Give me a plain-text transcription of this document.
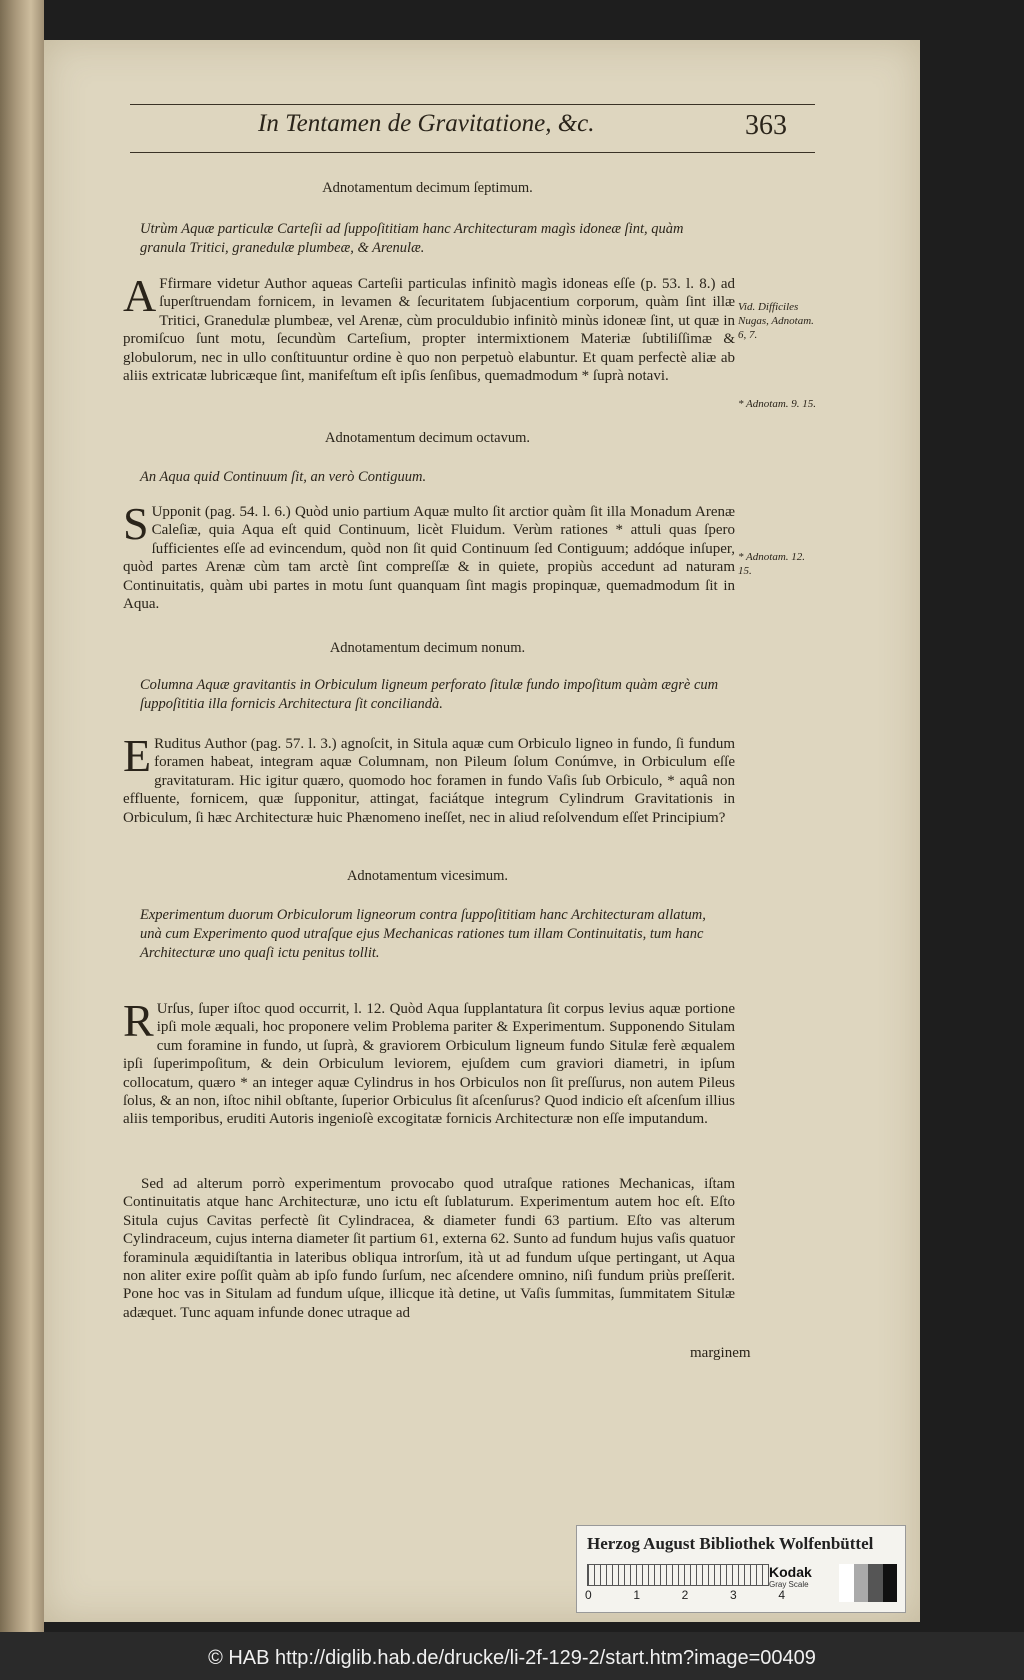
In Tentamen de Gravitatione, &c.	363
Adnotamentum decimum ſeptimum.
Utrùm Aquæ particulæ Carteſii ad ſuppoſititiam hanc Architecturam magìs idoneæ ſint, quàm granula Tritici, granedulæ plumbeæ, & Arenulæ.
A Ffirmare videtur Author aqueas Carteſii particulas infinitò magìs idoneas eſſe (p. 53. l. 8.) ad ſuperſtruendam fornicem, in levamen & ſecuritatem ſubjacentium corporum, quàm ſint illæ Tritici, Granedulæ plumbeæ, vel Arenæ, cùm proculdubio infinitò minùs idoneæ ſint, ut quæ in promiſcuo ſunt motu, ſecundùm Carteſium, propter intermixtionem Materiæ ſubtiliſſimæ & globulorum, nec in ullo conſtituuntur ordine è quo non perpetuò elabuntur. Et quam perfectè aliæ ab aliis extricatæ lubricæque ſint, manifeſtum eſt ipſis ſenſibus, quemadmodum * ſuprà notavi.
Vid. Difficiles Nugas, Adnotam. 6, 7.
* Adnotam. 9. 15.
Adnotamentum decimum octavum.
An Aqua quid Continuum ſit, an verò Contiguum.
S Upponit (pag. 54. l. 6.) Quòd unio partium Aquæ multo ſit arctior quàm ſit illa Monadum Arenæ Caleſiæ, quia Aqua eſt quid Continuum, licèt Fluidum. Verùm rationes * attuli quas ſpero ſufficientes eſſe ad evincendum, quòd non ſit quid Continuum ſed Contiguum; addóque inſuper, quòd partes Arenæ cùm tam arctè ſint compreſſæ & in quiete, propiùs accedunt ad naturam Continuitatis, quàm ubi partes in motu ſunt quanquam ſint magis propinquæ, quemadmodum ſit in Aqua.
* Adnotam. 12. 15.
Adnotamentum decimum nonum.
Columna Aquæ gravitantis in Orbiculum ligneum perforato ſitulæ fundo impoſitum quàm ægrè cum ſuppoſititia illa fornicis Architectura ſit conciliandà.
E Ruditus Author (pag. 57. l. 3.) agnoſcit, in Situla aquæ cum Orbiculo ligneo in fundo, ſi fundum foramen habeat, integram aquæ Columnam, non Pileum ſolum Conúmve, in Orbiculum eſſe gravitaturam. Hic igitur quæro, quomodo hoc foramen in fundo Vaſis ſub Orbiculo, * aquâ non effluente, fornicem, quæ ſupponitur, attingat, faciátque integrum Cylindrum Gravitationis in Orbiculum, ſi hæc Architecturæ huic Phænomeno ineſſet, nec in aliud reſolvendum eſſet Principium?
Adnotamentum vicesimum.
Experimentum duorum Orbiculorum ligneorum contra ſuppoſititiam hanc Architecturam allatum, unà cum Experimento quod utraſque ejus Mechanicas rationes tum illam Continuitatis, tum hanc Architecturæ uno quaſi ictu penitus tollit.
R Urſus, ſuper iſtoc quod occurrit, l. 12. Quòd Aqua ſupplantatura ſit corpus levius aquæ portione ipſi mole æquali, hoc proponere velim Problema pariter & Experimentum. Supponendo Situlam cum foramine in fundo, ut ſuprà, & graviorem Orbiculum ligneum fundo Situlæ ferè æqualem ipſi ſuperimpoſitum, & dein Orbiculum leviorem, ejuſdem cum graviori diametri, in ipſum collocatum, quæro * an integer aquæ Cylindrus in hos Orbiculos non ſit preſſurus, non autem Pileus ſolus, & an non, iſtoc nihil obſtante, ſuperior Orbiculus ſit aſcenſurus? Quod indicio eſt aſcenſum illius aliis temporibus, eruditi Autoris ingenioſè excogitatæ fornicis Architecturæ non eſſe imputandum.
Sed ad alterum porrò experimentum provocabo quod utraſque rationes Mechanicas, iſtam Continuitatis atque hanc Architecturæ, uno ictu eſt ſublaturum. Experimentum autem hoc eſt. Eſto Situla cujus Cavitas perfectè ſit Cylindracea, & diameter fundi 63 partium. Eſto vas alterum Cylindraceum, cujus interna diameter ſit partium 61, externa 62. Sunto ad fundum hujus vaſis quatuor foraminula æquidiſtantia in lateribus obliqua introrſum, ità ut ad fundum uſque pertingant, ut Aqua non aliter exire poſſit quàm ab ipſo fundo ſurſum, nec aſcendere omnino, niſi fundum priùs preſſerit. Pone hoc vas in Situlam ad fundum uſque, illicque ità detine, ut Vaſis ſummitas, ſummitatem Situlæ adæquet. Tunc aquam infunde donec utraque ad
marginem
Herzog August Bibliothek Wolfenbüttel
0	1	2	3	4
Kodak
Gray Scale
© HAB http://diglib.hab.de/drucke/li-2f-129-2/start.htm?image=00409
